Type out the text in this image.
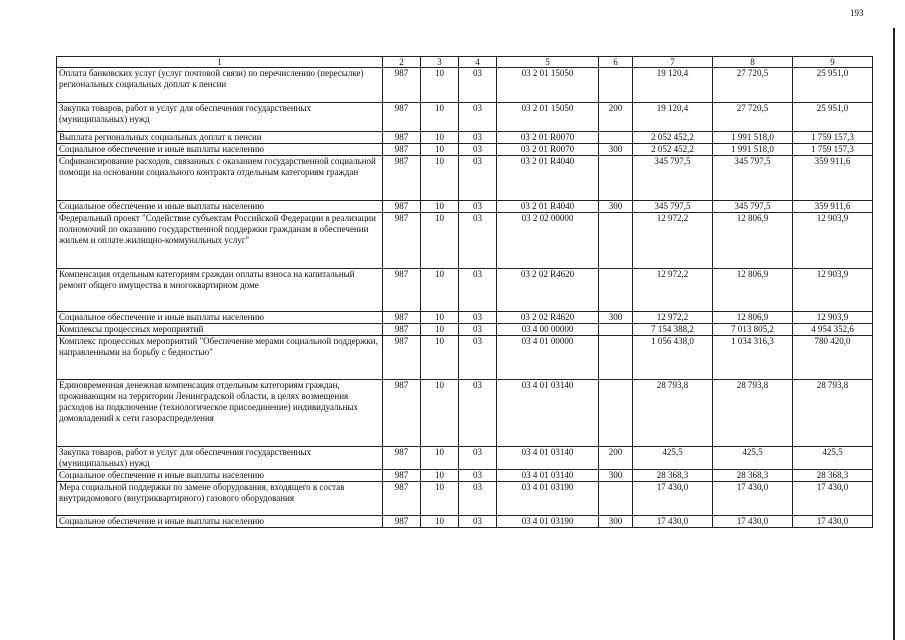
193
1	2	3	4	5	6	7	8	9
Оплата банковских услуг (услуг почтовой связи) по перечислению (пересылке) региональных социальных доплат к пенсии	987	10	03	03 2 01 15050		19 120,4	27 720,5	25 951,0
Закупка товаров, работ и услуг для обеспечения государственных (муниципальных) нужд	987	10	03	03 2 01 15050	200	19 120,4	27 720,5	25 951,0
Выплата региональных социальных доплат к пенсии	987	10	03	03 2 01 R0070		2 052 452,2	1 991 518,0	1 759 157,3
Социальное обеспечение и иные выплаты населению	987	10	03	03 2 01 R0070	300	2 052 452,2	1 991 518,0	1 759 157,3
Софинансирование расходов, связанных с оказанием государственной социальной помощи на основании социального контракта отдельным категориям граждан	987	10	03	03 2 01 R4040		345 797,5	345 797,5	359 911,6
Социальное обеспечение и иные выплаты населению	987	10	03	03 2 01 R4040	300	345 797,5	345 797,5	359 911,6
Федеральный проект "Содействие субъектам Российской Федерации в реализации полномочий по оказанию государственной поддержки гражданам в обеспечении жильем и оплате жилищно-коммунальных услуг"	987	10	03	03 2 02 00000		12 972,2	12 806,9	12 903,9
Компенсация отдельным категориям граждан оплаты взноса на капитальный ремонт общего имущества в многоквартирном доме	987	10	03	03 2 02 R4620		12 972,2	12 806,9	12 903,9
Социальное обеспечение и иные выплаты населению	987	10	03	03 2 02 R4620	300	12 972,2	12 806,9	12 903,9
Комплексы процессных мероприятий	987	10	03	03 4 00 00000		7 154 388,2	7 013 805,2	4 954 352,6
Комплекс процессных мероприятий "Обеспечение мерами социальной поддержки, направленными на борьбу с бедностью"	987	10	03	03 4 01 00000		1 056 438,0	1 034 316,3	780 420,0
Единовременная денежная компенсация отдельным категориям граждан, проживающим на территории Ленинградской области, в целях возмещения расходов на подключение (технологическое присоединение) индивидуальных домовладений к сети газораспределения	987	10	03	03 4 01 03140		28 793,8	28 793,8	28 793,8
Закупка товаров, работ и услуг для обеспечения государственных (муниципальных) нужд	987	10	03	03 4 01 03140	200	425,5	425,5	425,5
Социальное обеспечение и иные выплаты населению	987	10	03	03 4 01 03140	300	28 368,3	28 368,3	28 368,3
Мера социальной поддержки по замене оборудования, входящего в состав внутридомового (внутриквартирного) газового оборудования	987	10	03	03 4 01 03190		17 430,0	17 430,0	17 430,0
Социальное обеспечение и иные выплаты населению	987	10	03	03 4 01 03190	300	17 430,0	17 430,0	17 430,0
